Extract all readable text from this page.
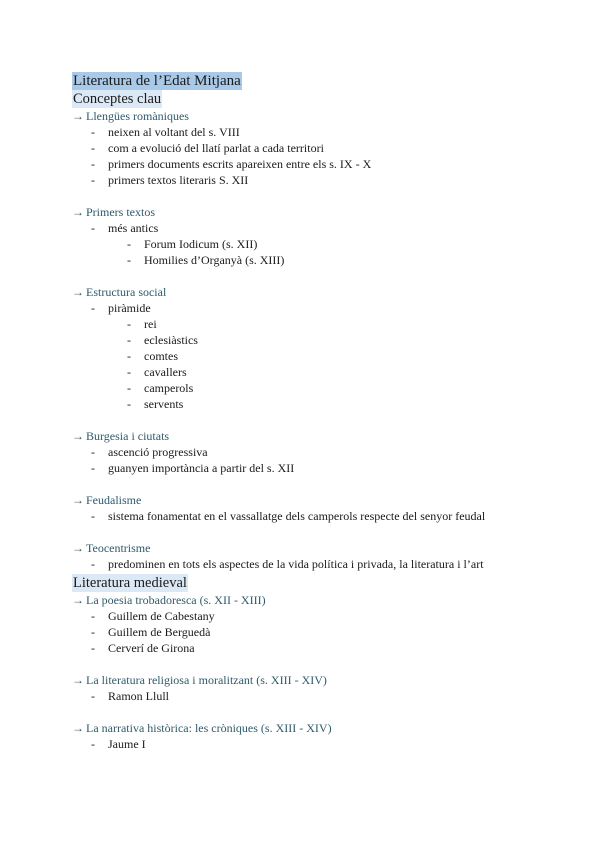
Literatura de l’Edat Mitjana
Conceptes clau
→ Llengües romàniques
- neixen al voltant del s. VIII
- com a evolució del llatí parlat a cada territori
- primers documents escrits apareixen entre els s. IX - X
- primers textos literaris S. XII
→ Primers textos
- més antics
- Forum Iodicum (s. XII)
- Homilies d’Organyà (s. XIII)
→ Estructura social
- piràmide
- rei
- eclesiàstics
- comtes
- cavallers
- camperols
- servents
→ Burgesia i ciutats
- ascenció progressiva
- guanyen importància a partir del s. XII
→ Feudalisme
- sistema fonamentat en el vassallatge dels camperols respecte del senyor feudal
→ Teocentrisme
- predominen en tots els aspectes de la vida política i privada, la literatura i l’art
Literatura medieval
→ La poesia trobadoresca (s. XII - XIII)
- Guillem de Cabestany
- Guillem de Berguedà
- Cerverí de Girona
→ La literatura religiosa i moralitzant (s. XIII - XIV)
- Ramon Llull
→ La narrativa històrica: les cròniques (s. XIII - XIV)
- Jaume I
